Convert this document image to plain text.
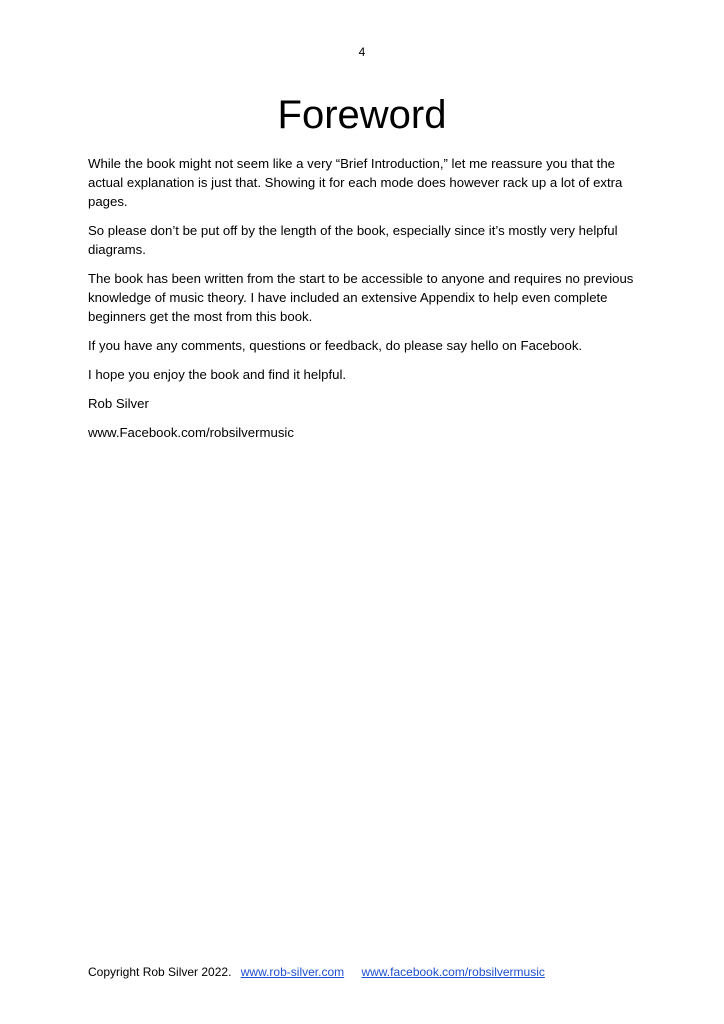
4
Foreword

While the book might not seem like a very “Brief Introduction,” let me reassure you that the actual explanation is just that. Showing it for each mode does however rack up a lot of extra pages.

So please don’t be put off by the length of the book, especially since it’s mostly very helpful diagrams.

The book has been written from the start to be accessible to anyone and requires no previous knowledge of music theory. I have included an extensive Appendix to help even complete beginners get the most from this book.

If you have any comments, questions or feedback, do please say hello on Facebook.

I hope you enjoy the book and find it helpful.

Rob Silver

www.Facebook.com/robsilvermusic

Copyright Rob Silver 2022. www.rob-silver.com www.facebook.com/robsilvermusic
